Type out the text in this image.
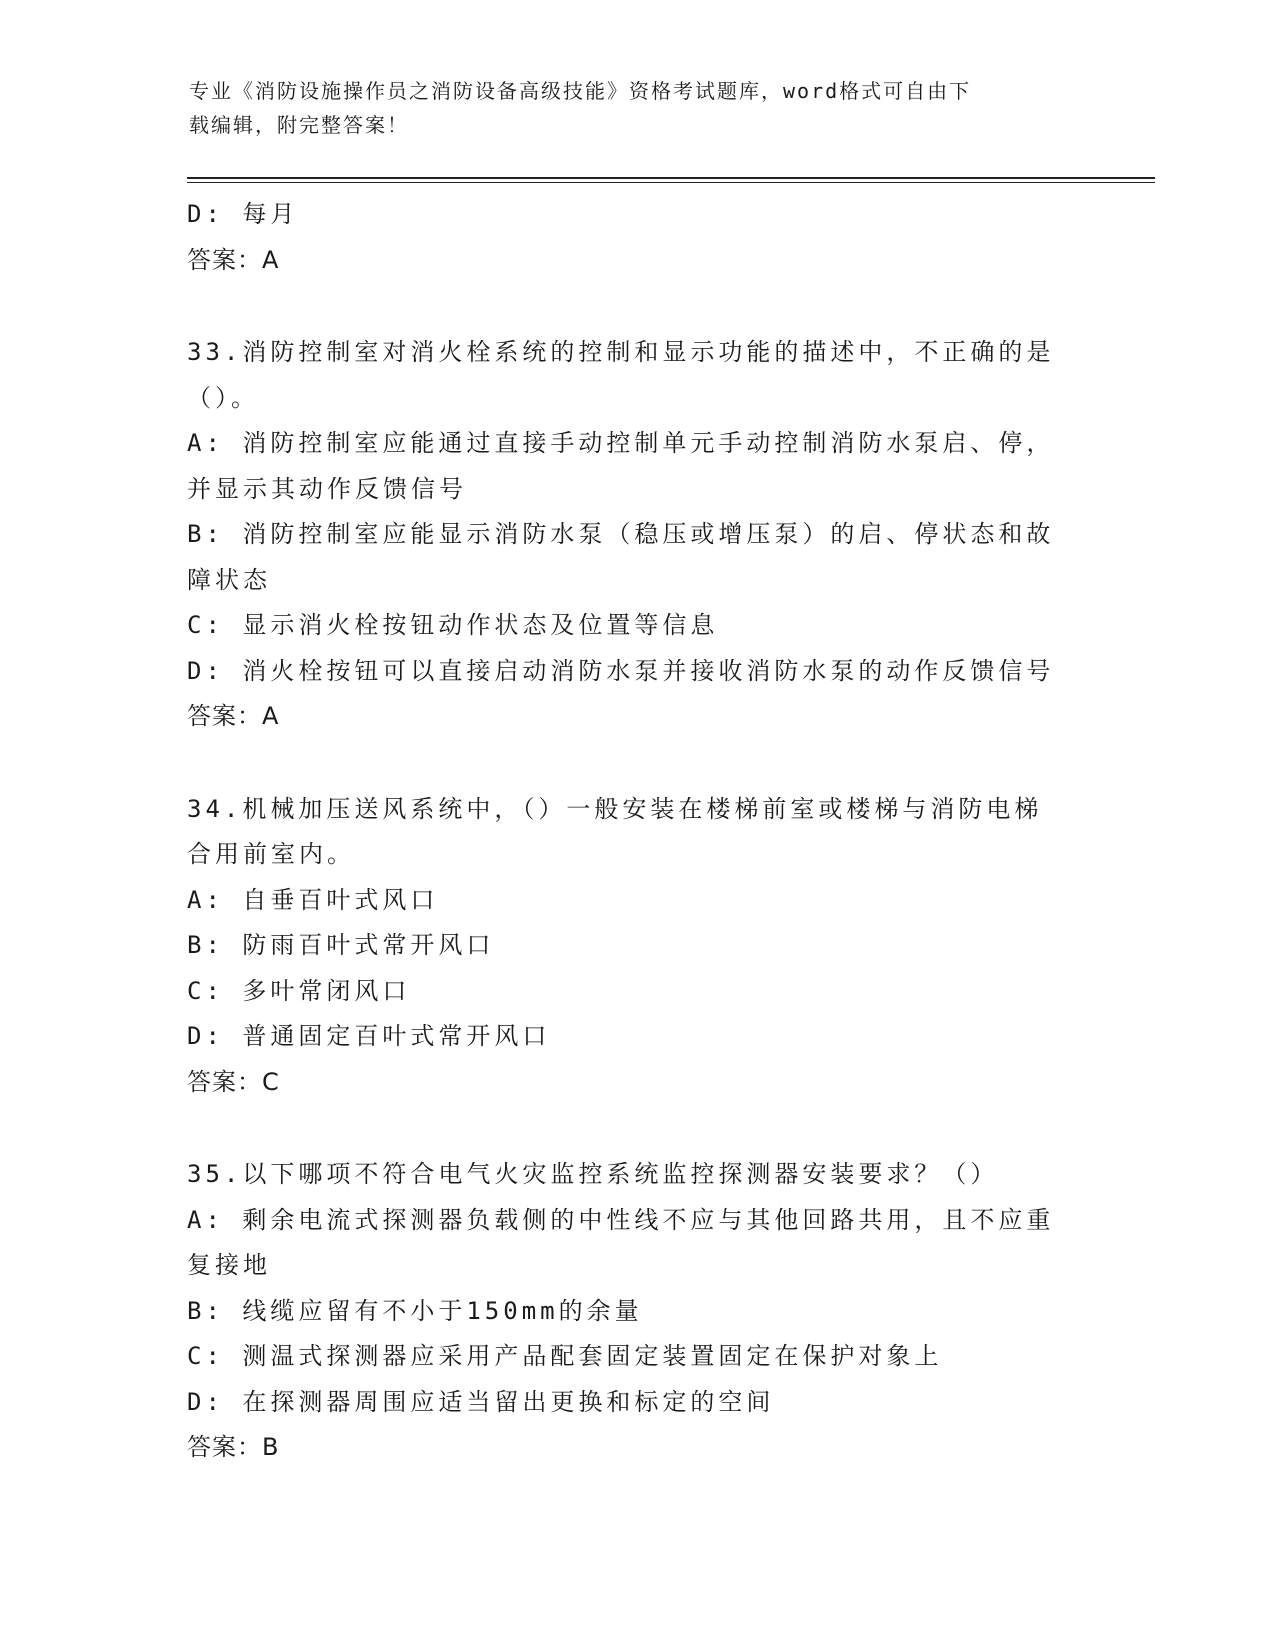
专业《消防设施操作员之消防设备高级技能》资格考试题库，word格式可自由下
载编辑，附完整答案！
D: 每月
答案：A
33.消防控制室对消火栓系统的控制和显示功能的描述中，不正确的是
（）。
A: 消防控制室应能通过直接手动控制单元手动控制消防水泵启、停，
并显示其动作反馈信号
B: 消防控制室应能显示消防水泵（稳压或增压泵）的启、停状态和故
障状态
C: 显示消火栓按钮动作状态及位置等信息
D: 消火栓按钮可以直接启动消防水泵并接收消防水泵的动作反馈信号
答案：A
34.机械加压送风系统中，（）一般安装在楼梯前室或楼梯与消防电梯
合用前室内。
A: 自垂百叶式风口
B: 防雨百叶式常开风口
C: 多叶常闭风口
D: 普通固定百叶式常开风口
答案：C
35.以下哪项不符合电气火灾监控系统监控探测器安装要求？（）
A: 剩余电流式探测器负载侧的中性线不应与其他回路共用，且不应重
复接地
B: 线缆应留有不小于150mm的余量
C: 测温式探测器应采用产品配套固定装置固定在保护对象上
D: 在探测器周围应适当留出更换和标定的空间
答案：B
